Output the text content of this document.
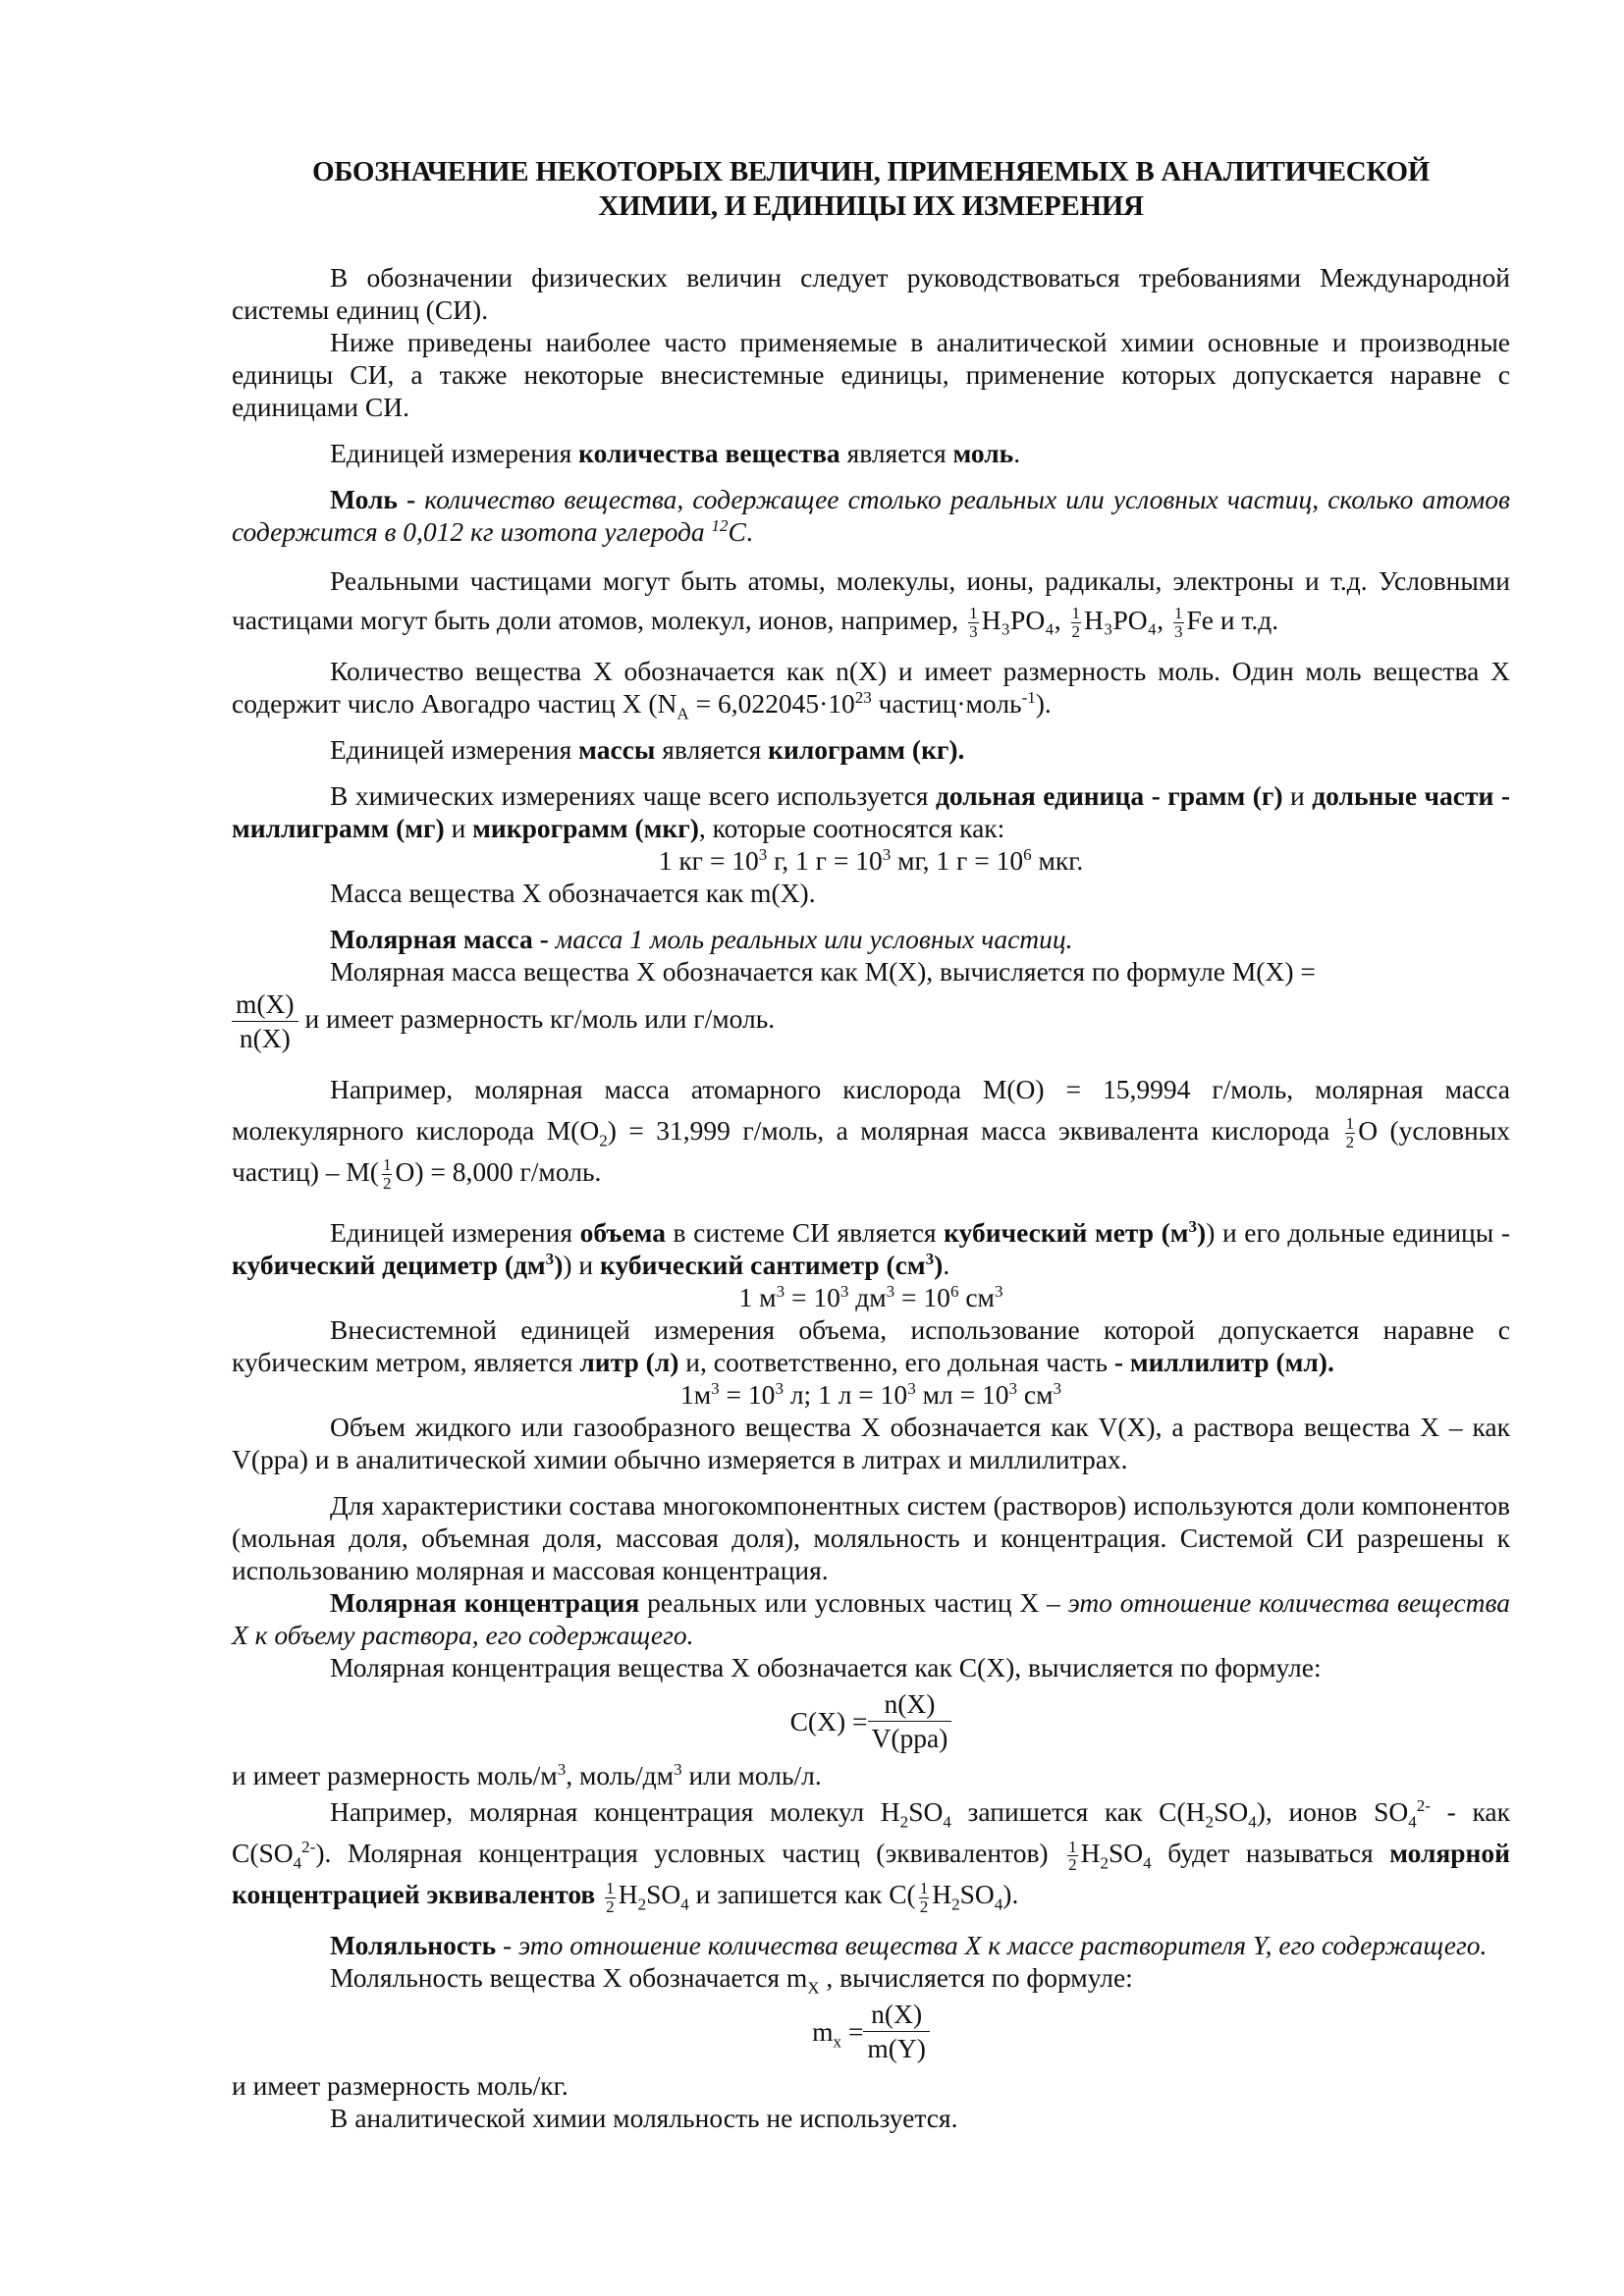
ОБОЗНАЧЕНИЕ НЕКОТОРЫХ ВЕЛИЧИН, ПРИМЕНЯЕМЫХ В АНАЛИТИЧЕСКОЙ
ХИМИИ, И ЕДИНИЦЫ ИХ ИЗМЕРЕНИЯ

В обозначении физических величин следует руководствоваться требованиями Международной системы единиц (СИ).

Ниже приведены наиболее часто применяемые в аналитической химии основные и производные единицы СИ, а также некоторые внесистемные единицы, применение которых допускается наравне с единицами СИ.

Единицей измерения количества вещества является моль.

Моль - количество вещества, содержащее столько реальных или условных частиц, сколько атомов содержится в 0,012 кг изотопа углерода $^{12}$C.

Реальными частицами могут быть атомы, молекулы, ионы, радикалы, электроны и т.д. Условными частицами могут быть доли атомов, молекул, ионов, например, $\frac{1}{3} H_3PO_4$, $\frac{1}{2} H_3PO_4$, $\frac{1}{3}$ Fe и т.д.

Количество вещества X обозначается как n(X) и имеет размерность моль. Один моль вещества X содержит число Авогадро частиц X ($N_A = 6,022045\cdot 10^{23}$ частиц·моль$^{-1}$).

Единицей измерения массы является килограмм (кг).

В химических измерениях чаще всего используется дольная единица - грамм (г) и дольные части - миллиграмм (мг) и микрограмм (мкг), которые соотносятся как:

1 кг = $10^3$ г, 1 $г = 10^3$ мг, 1 $г = 10^6$ мкг.

Масса вещества X обозначается как m(X).

Молярная масса - масса 1 моль реальных или условных частиц.

Молярная масса вещества X обозначается как M(X), вычисляется по формуле M(X) =

$\frac{m(X)}{n(X)}$ и имеет размерность кг/моль или г/моль.

Например, молярная масса атомарного кислорода M(O) = 15,9994 г/моль, молярная масса молекулярного кислорода $M(O_2) = 31,999$ г/моль, а молярная масса эквивалента кислорода $\frac{1}{2}$ O (условных частиц) – $M( \frac{1}{2} O) = 8,000$ г/моль.

Единицей измерения объема в системе СИ является кубический метр $(м^3)$) и его дольные единицы - кубический дециметр $(дм^3)$) и кубический сантиметр $(см^3)$.

1 $м^3 = 10^3$ $дм^3 = 10^6$ $см^3$

Внесистемной единицей измерения объема, использование которой допускается наравне с кубическим метром, является литр (л) и, соответственно, его дольная часть - миллилитр (мл).

$1м^3 = 10^3$ л; 1 $л = 10^3$ мл = $10^3$ $см^3$

Объем жидкого или газообразного вещества X обозначается как V(X), а раствора вещества X – как V(рра) и в аналитической химии обычно измеряется в литрах и миллилитрах.

Для характеристики состава многокомпонентных систем (растворов) используются доли компонентов (мольная доля, объемная доля, массовая доля), моляльность и концентрация. Системой СИ разрешены к использованию молярная и массовая концентрация.

Молярная концентрация реальных или условных частиц X – это отношение количества вещества X к объему раствора, его содержащего.

Молярная концентрация вещества X обозначается как C(X), вычисляется по формуле:

C(X) =
n(X)
V(рра)

и имеет размерность моль/$м^3$, моль/$дм^3$ или моль/л.

Например, молярная концентрация молекул $H_2SO_4$ запишется как $C(H_2SO_4)$, ионов $SO_4^{2-}$ - как $C(SO_4^{2-})$. Молярная концентрация условных частиц (эквивалентов) $\frac{1}{2} H_2SO_4$ будет называться молярной концентрацией эквивалентов $\frac{1}{2} H_2SO_4$ и запишется как $C( \frac{1}{2} H_2SO_4)$.

Моляльность - это отношение количества вещества X к массе растворителя Y, его содержащего.

Моляльность вещества X обозначается $m_X$ , вычисляется по формуле:

$m_x = \frac{n(X)}{m(Y)}$

и имеет размерность моль/кг.

В аналитической химии моляльность не используется.
